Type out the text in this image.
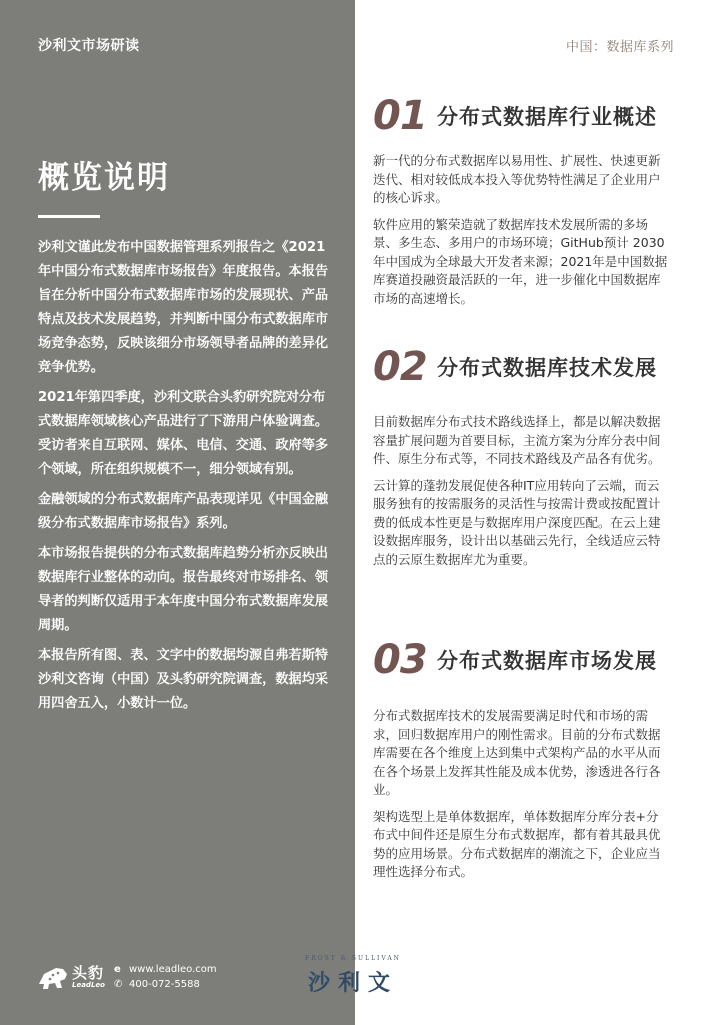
沙利文市场研读
概览说明

沙利文谨此发布中国数据管理系列报告之《2021年中国分布式数据库市场报告》年度报告。本报告旨在分析中国分布式数据库市场的发展现状、产品特点及技术发展趋势，并判断中国分布式数据库市场竞争态势，反映该细分市场领导者品牌的差异化竞争优势。

2021年第四季度，沙利文联合头豹研究院对分布式数据库领域核心产品进行了下游用户体验调查。受访者来自互联网、媒体、电信、交通、政府等多个领域，所在组织规模不一，细分领域有别。

金融领域的分布式数据库产品表现详见《中国金融级分布式数据库市场报告》系列。

本市场报告提供的分布式数据库趋势分析亦反映出数据库行业整体的动向。报告最终对市场排名、领导者的判断仅适用于本年度中国分布式数据库发展周期。

本报告所有图、表、文字中的数据均源自弗若斯特沙利文咨询（中国）及头豹研究院调查，数据均采用四舍五入，小数计一位。

头豹
LeadLeo
e www.leadleo.com
✆ 400-072-5588
中国：数据库系列
01 分布式数据库行业概述

新一代的分布式数据库以易用性、扩展性、快速更新迭代、相对较低成本投入等优势特性满足了企业用户的核心诉求。

软件应用的繁荣造就了数据库技术发展所需的多场景、多生态、多用户的市场环境；GitHub预计 2030 年中国成为全球最大开发者来源；2021年是中国数据库赛道投融资最活跃的一年，进一步催化中国数据库市场的高速增长。

02 分布式数据库技术发展

目前数据库分布式技术路线选择上，都是以解决数据容量扩展问题为首要目标，主流方案为分库分表中间件、原生分布式等，不同技术路线及产品各有优劣。

云计算的蓬勃发展促使各种IT应用转向了云端，而云服务独有的按需服务的灵活性与按需计费或按配置计费的低成本性更是与数据库用户深度匹配。在云上建设数据库服务，设计出以基础云先行，全线适应云特点的云原生数据库尤为重要。

03 分布式数据库市场发展

分布式数据库技术的发展需要满足时代和市场的需求，回归数据库用户的刚性需求。目前的分布式数据库需要在各个维度上达到集中式架构产品的水平从而在各个场景上发挥其性能及成本优势，渗透进各行各业。

架构选型上是单体数据库，单体数据库分库分表+分布式中间件还是原生分布式数据库，都有着其最具优势的应用场景。分布式数据库的潮流之下，企业应当理性选择分布式。

FROST & SULLIVAN
沙利文
